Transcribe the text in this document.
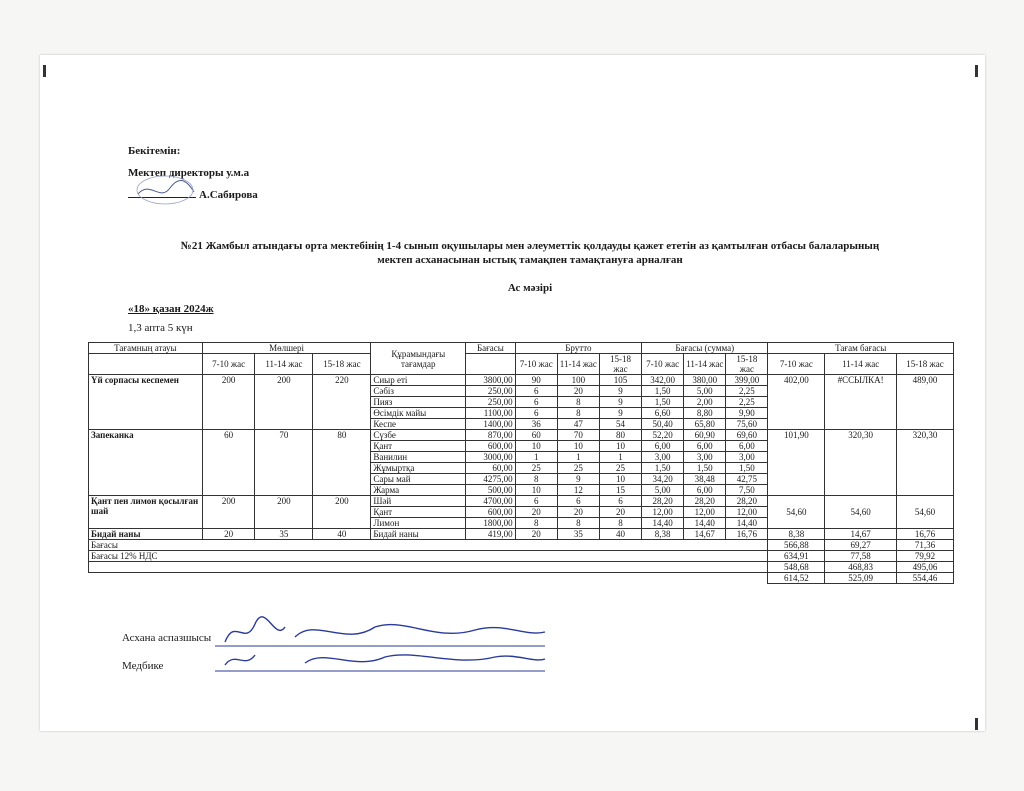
Бекітемін:
Мектеп директоры у.м.а
А.Сабирова
№21 Жамбыл атындағы орта мектебінің 1-4 сынып оқушылары мен әлеуметтік қолдауды қажет ететін аз қамтылған отбасы балаларының
мектеп асханасынан ыстық тамақпен тамақтануға арналған
Ас мәзірі
«18» қазан 2024ж
1,3 апта 5 күн
Тағамның атауы	Мөлшері			Құрамындағы тағамдар	Бағасы	Брутто			Бағасы (сумма)			Тағам бағасы		
	7-10 жас	11-14 жас	15-18 жас			7-10 жас	11-14 жас	15-18 жас	7-10 жас	11-14 жас	15-18 жас	7-10 жас	11-14 жас	15-18 жас
Үй сорпасы кеспемен	200	200	220	Сиыр еті	3800,00	90	100	105	342,00	380,00	399,00	402,00	#ССЫЛКА!	489,00
				Сәбіз	250,00	6	20	9	1,50	5,00	2,25			
				Пияз	250,00	6	8	9	1,50	2,00	2,25			
				Өсімдік майы	1100,00	6	8	9	6,60	8,80	9,90			
				Кеспе	1400,00	36	47	54	50,40	65,80	75,60			
Запеканка	60	70	80	Сүзбе	870,00	60	70	80	52,20	60,90	69,60	101,90	320,30	320,30
				Қант	600,00	10	10	10	6,00	6,00	6,00			
				Ванилин	3000,00	1	1	1	3,00	3,00	3,00			
				Жұмыртқа	60,00	25	25	25	1,50	1,50	1,50			
				Сары май	4275,00	8	9	10	34,20	38,48	42,75			
				Жарма	500,00	10	12	15	5,00	6,00	7,50			
Қант пен лимон қосылған шай	200	200	200	Шәй	4700,00	6	6	6	28,20	28,20	28,20	54,60	54,60	54,60
				Қант	600,00	20	20	20	12,00	12,00	12,00			
				Лимон	1800,00	8	8	8	14,40	14,40	14,40			
Бидай наны	20	35	40	Бидай наны	419,00	20	35	40	8,38	14,67	16,76	8,38	14,67	16,76
Бағасы												566,88	69,27	71,36
Бағасы 12% НДС												634,91	77,58	79,92
												548,68	468,83	495,06
												614,52	525,09	554,46
Асхана аспазшысы
Медбике
